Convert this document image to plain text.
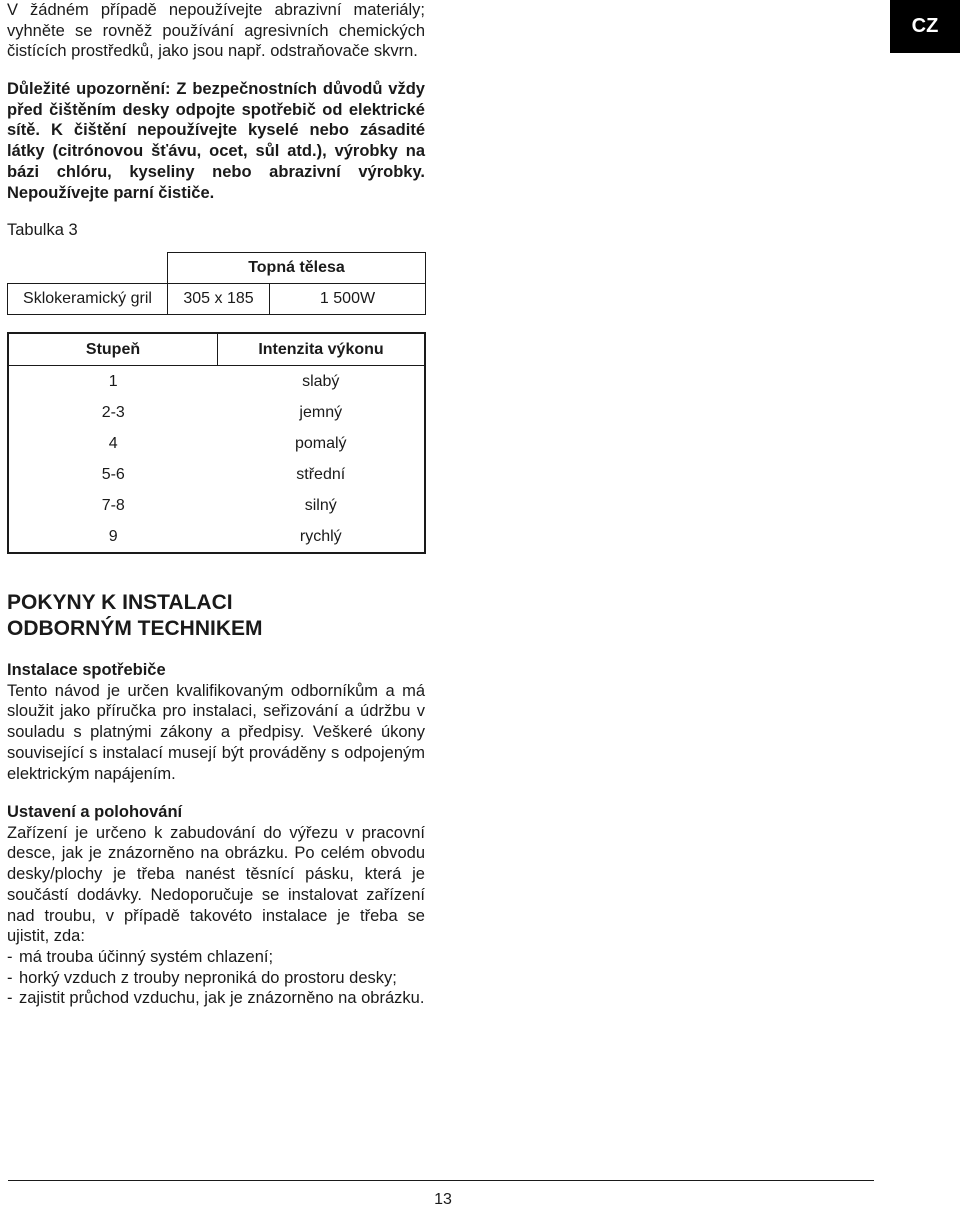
CZ

V žádném případě nepoužívejte abrazivní materiály; vyhněte se rovněž používání agresivních chemických čistících prostředků, jako jsou např. odstraňovače skvrn.

Důležité upozornění: Z bezpečnostních důvodů vždy před čištěním desky odpojte spotřebič od elektrické sítě. K čištění nepoužívejte kyselé nebo zásadité látky (citrónovou šťávu, ocet, sůl atd.), výrobky na bázi chlóru, kyseliny nebo abrazivní výrobky. Nepoužívejte parní čističe.

Tabulka 3

	Topná tělesa	
Sklokeramický gril	305 x 185	1 500W
Stupeň	Intenzita výkonu
1	slabý
2-3	jemný
4	pomalý
5-6	střední
7-8	silný
9	rychlý
POKYNY K INSTALACI
ODBORNÝM TECHNIKEM

Instalace spotřebiče

Tento návod je určen kvalifikovaným odborníkům a má sloužit jako příručka pro instalaci, seřizování a údržbu v souladu s platnými zákony a předpisy. Veškeré úkony související s instalací musejí být prováděny s odpojeným elektrickým napájením.

Ustavení a polohování

Zařízení je určeno k zabudování do výřezu v pracovní desce, jak je znázorněno na obrázku. Po celém obvodu desky/plochy je třeba nanést těsnící pásku, která je součástí dodávky. Nedoporučuje se instalovat zařízení nad troubu, v případě takovéto instalace je třeba se ujistit, zda:

- má trouba účinný systém chlazení;
- horký vzduch z trouby neproniká do prostoru desky;
- zajistit průchod vzduchu, jak je znázorněno na obrázku.
13
